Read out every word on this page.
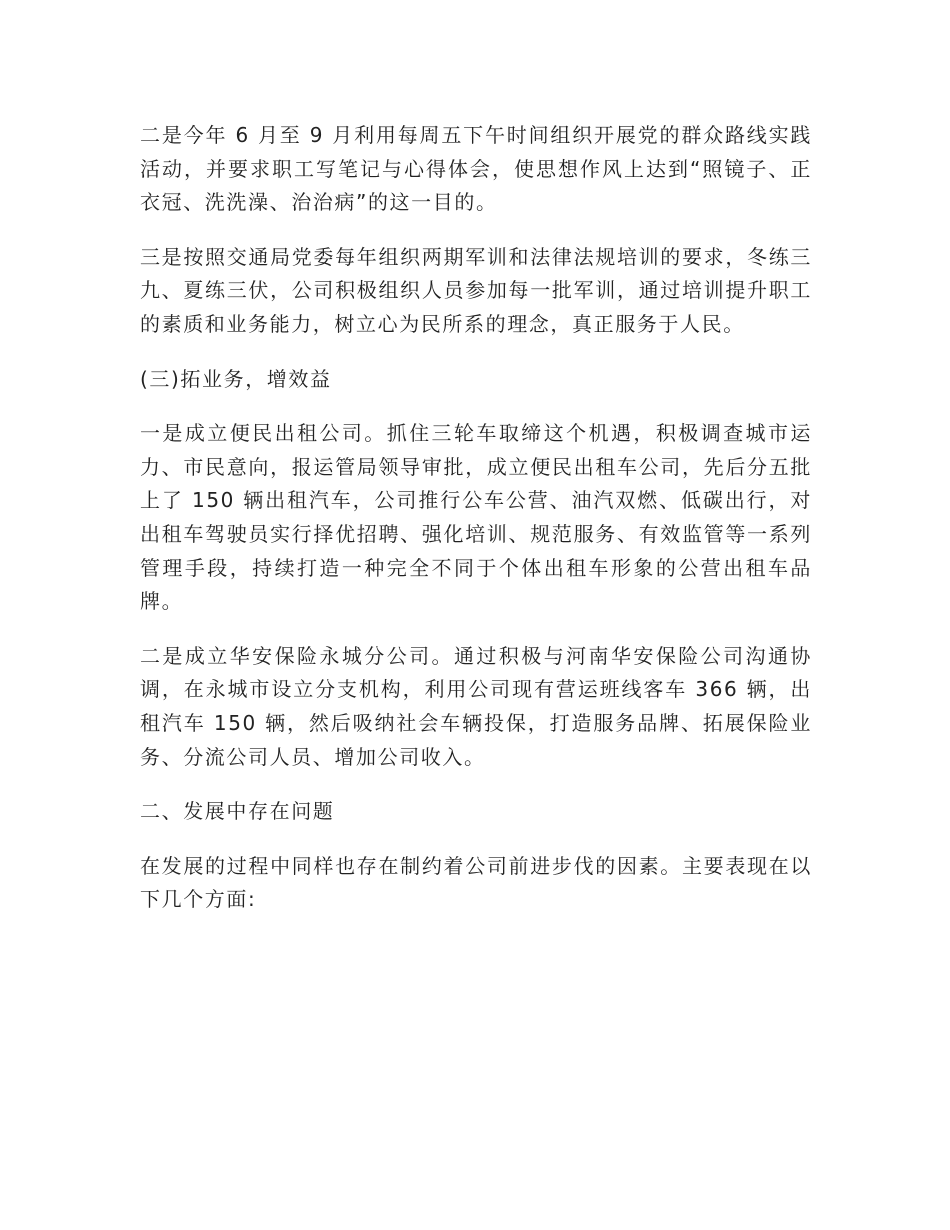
二是今年 6 月至 9 月利用每周五下午时间组织开展党的群众路线实践活动，并要求职工写笔记与心得体会，使思想作风上达到“照镜子、正衣冠、洗洗澡、治治病”的这一目的。

三是按照交通局党委每年组织两期军训和法律法规培训的要求，冬练三九、夏练三伏，公司积极组织人员参加每一批军训，通过培训提升职工的素质和业务能力，树立心为民所系的理念，真正服务于人民。

(三)拓业务，增效益

一是成立便民出租公司。抓住三轮车取缔这个机遇，积极调查城市运力、市民意向，报运管局领导审批，成立便民出租车公司，先后分五批上了 150 辆出租汽车，公司推行公车公营、油汽双燃、低碳出行，对出租车驾驶员实行择优招聘、强化培训、规范服务、有效监管等一系列管理手段，持续打造一种完全不同于个体出租车形象的公营出租车品牌。

二是成立华安保险永城分公司。通过积极与河南华安保险公司沟通协调，在永城市设立分支机构，利用公司现有营运班线客车 366 辆，出租汽车 150 辆，然后吸纳社会车辆投保，打造服务品牌、拓展保险业务、分流公司人员、增加公司收入。

二、发展中存在问题

在发展的过程中同样也存在制约着公司前进步伐的因素。主要表现在以下几个方面:
